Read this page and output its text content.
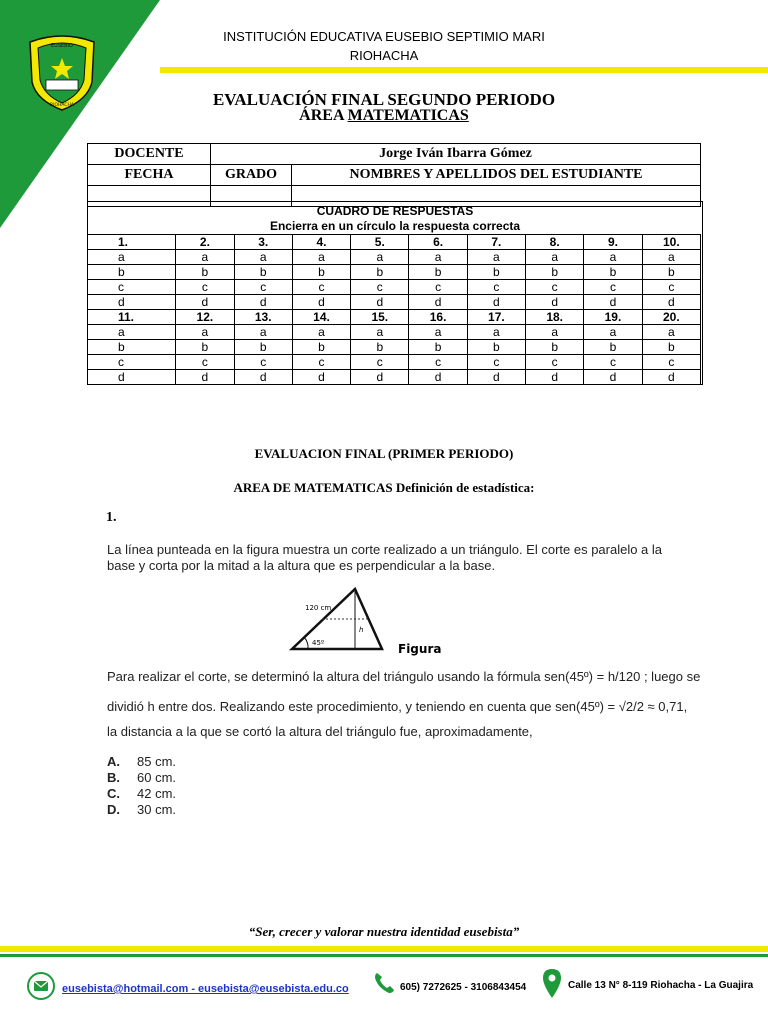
EUSEBIO
RIOHACHA
INSTITUCIÓN EDUCATIVA EUSEBIO SEPTIMIO MARI
RIOHACHA
EVALUACIÓN FINAL SEGUNDO PERIODO
ÁREA MATEMATICAS
DOCENTE	Jorge Iván Ibarra Gómez	
FECHA	GRADO	NOMBRES Y APELLIDOS DEL ESTUDIANTE

CUADRO DE RESPUESTAS
Encierra en un círculo la respuesta correcta
1.	2.	3.	4.	5.	6.	7.	8.	9.	10.
a	a	a	a	a	a	a	a	a	a
b	b	b	b	b	b	b	b	b	b
c	c	c	c	c	c	c	c	c	c
d	d	d	d	d	d	d	d	d	d
11.	12.	13.	14.	15.	16.	17.	18.	19.	20.
a	a	a	a	a	a	a	a	a	a
b	b	b	b	b	b	b	b	b	b
c	c	c	c	c	c	c	c	c	c
d	d	d	d	d	d	d	d	d	d
EVALUACION FINAL (PRIMER PERIODO)
AREA DE MATEMATICAS Definición de estadística:
1.
La línea punteada en la figura muestra un corte realizado a un triángulo. El corte es paralelo a la
base y corta por la mitad a la altura que es perpendicular a la base.
120 cm
45º
h
Figura
Para realizar el corte, se determinó la altura del triángulo usando la fórmula sen(45º) = h/120 ; luego se
dividió h entre dos. Realizando este procedimiento, y teniendo en cuenta que sen(45º) = √2/2 ≈ 0,71,
la distancia a la que se cortó la altura del triángulo fue, aproximadamente,
A. 85 cm.
B. 60 cm.
C. 42 cm.
D. 30 cm.
“Ser, crecer y valorar nuestra identidad eusebista”
eusebista@hotmail.com - eusebista@eusebista.edu.co	605) 7272625 - 3106843454	Calle 13 N° 8-119 Riohacha - La Guajira
